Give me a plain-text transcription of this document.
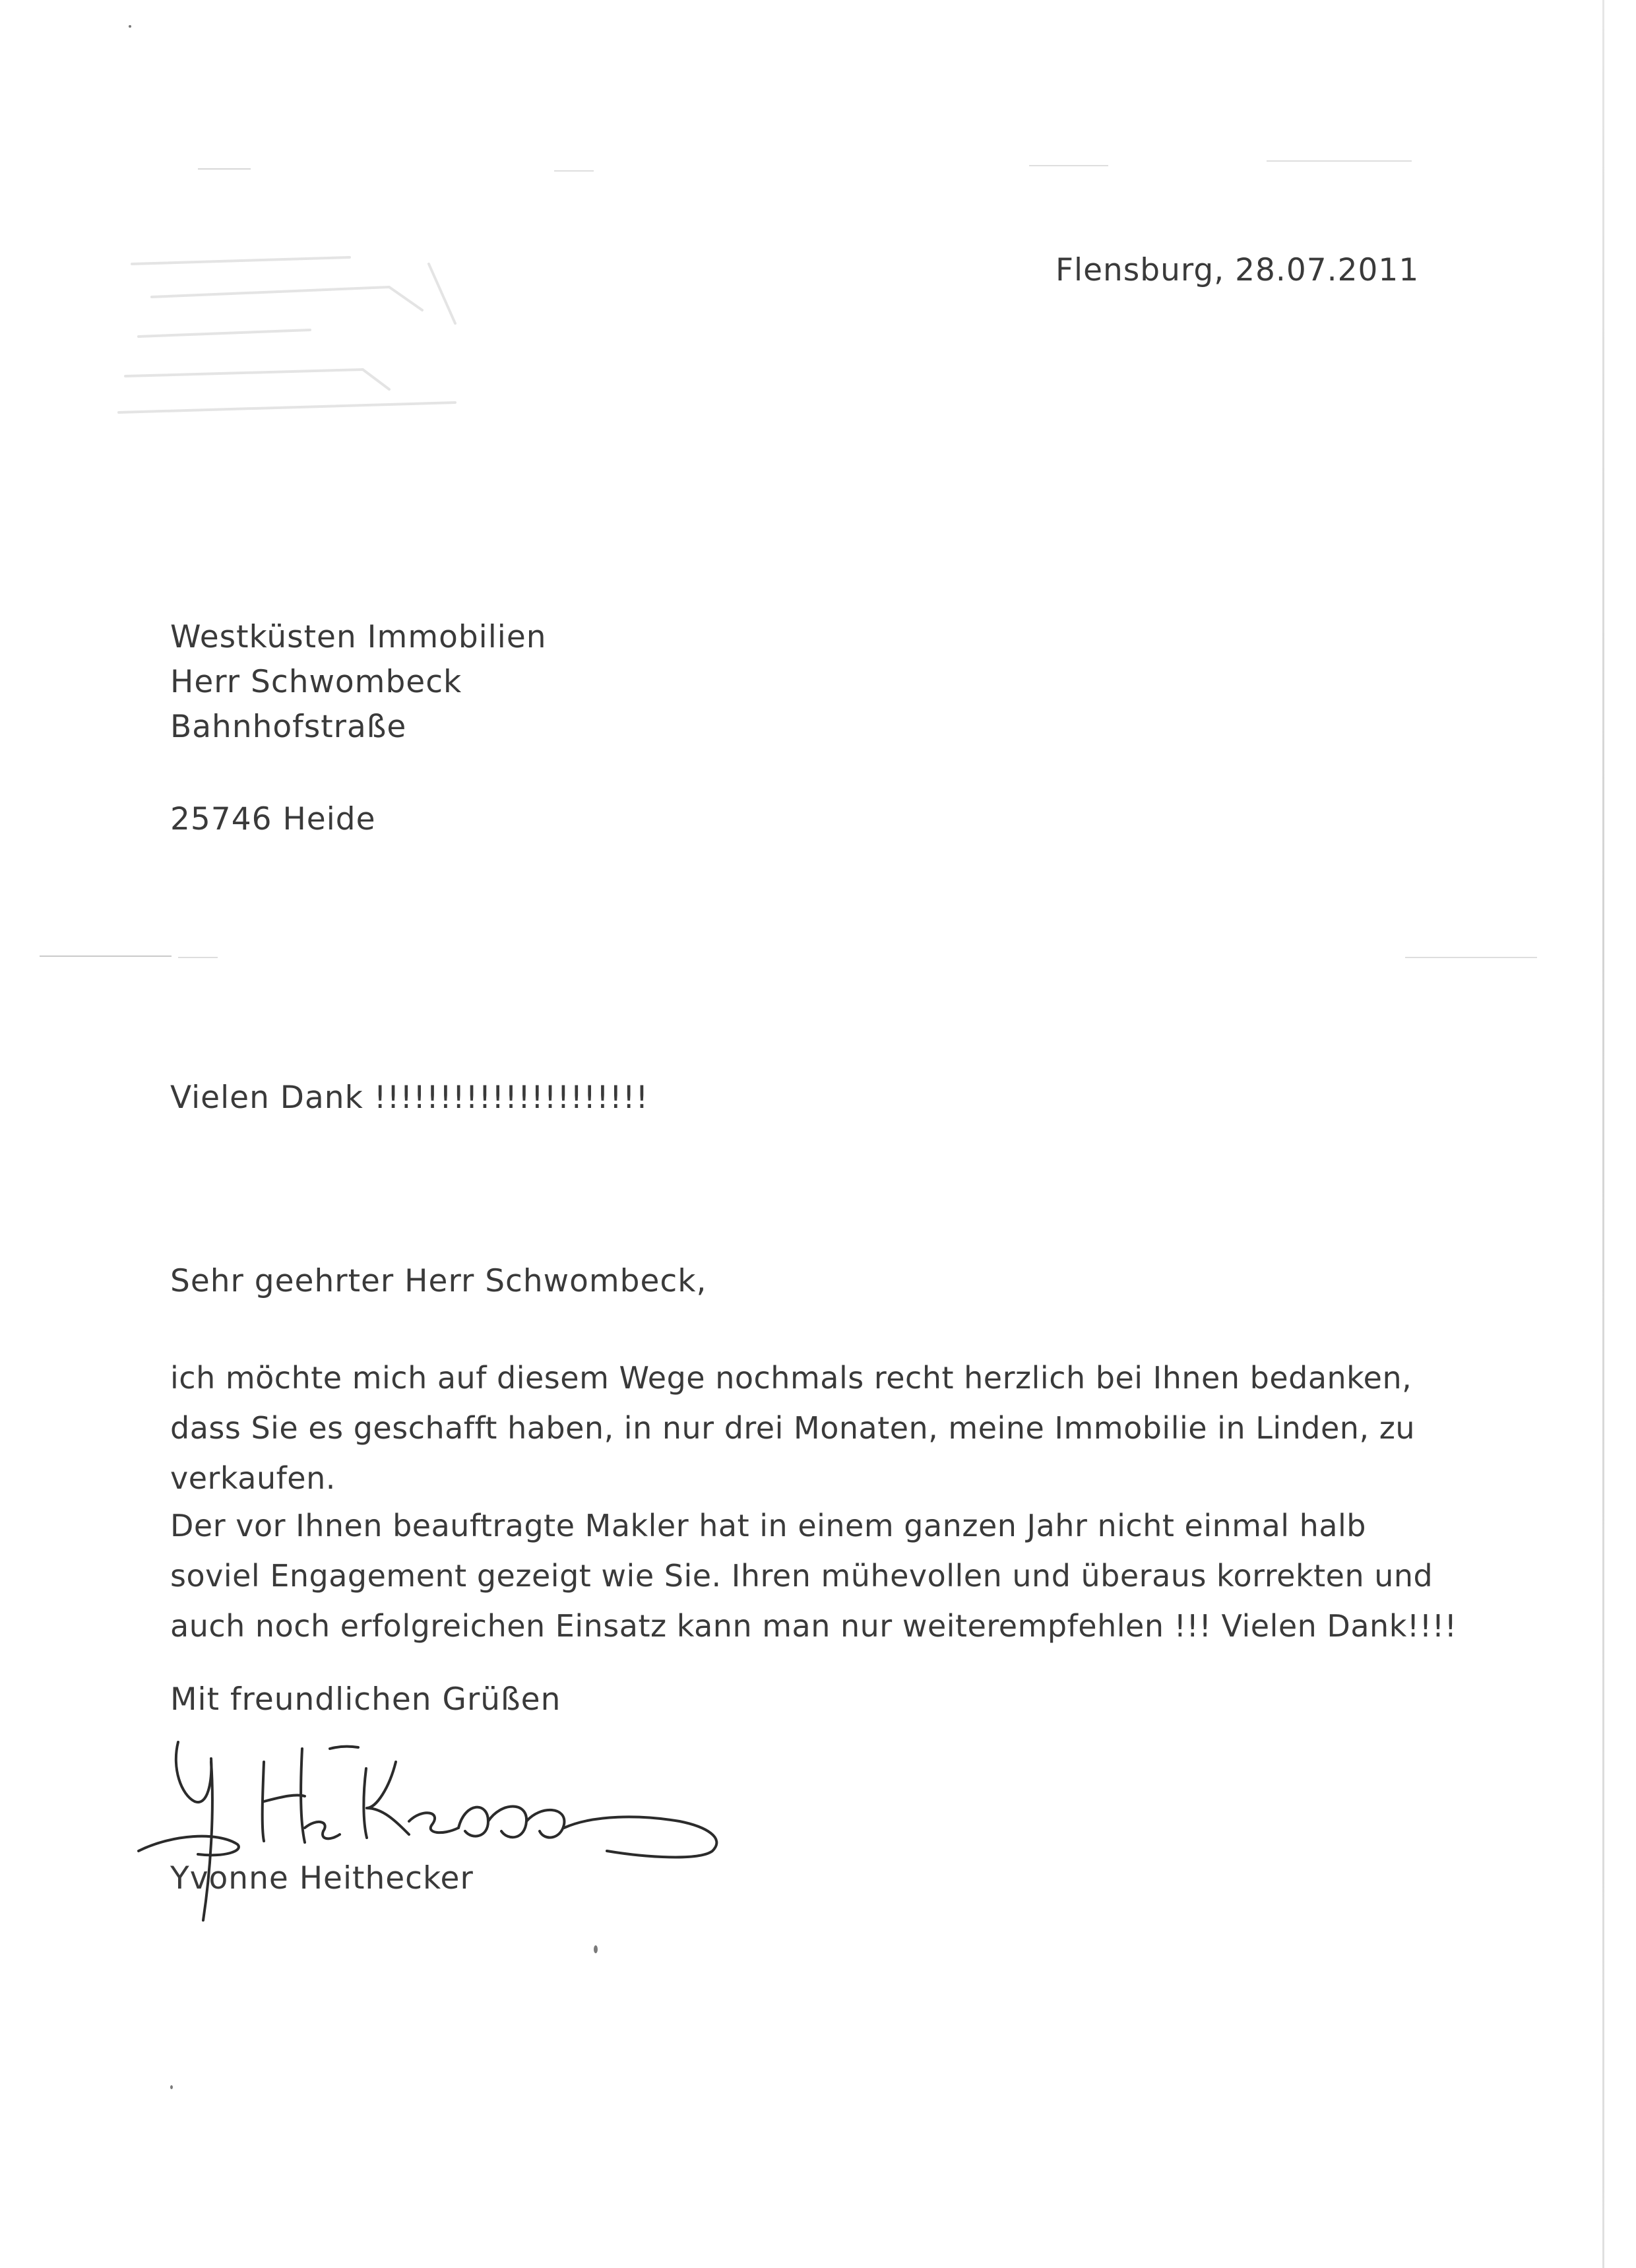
Flensburg, 28.07.2011
Westküsten Immobilien
Herr Schwombeck
Bahnhofstraße
25746 Heide
Vielen Dank !!!!!!!!!!!!!!!!!!!!!
Sehr geehrter Herr Schwombeck,
ich möchte mich auf diesem Wege nochmals recht herzlich bei Ihnen bedanken,
dass Sie es geschafft haben, in nur drei Monaten, meine Immobilie in Linden, zu
verkaufen.
Der vor Ihnen beauftragte Makler hat in einem ganzen Jahr nicht einmal halb
soviel Engagement gezeigt wie Sie. Ihren mühevollen und überaus korrekten und
auch noch erfolgreichen Einsatz kann man nur weiterempfehlen !!! Vielen Dank!!!!
Mit freundlichen Grüßen
Yvonne Heithecker
